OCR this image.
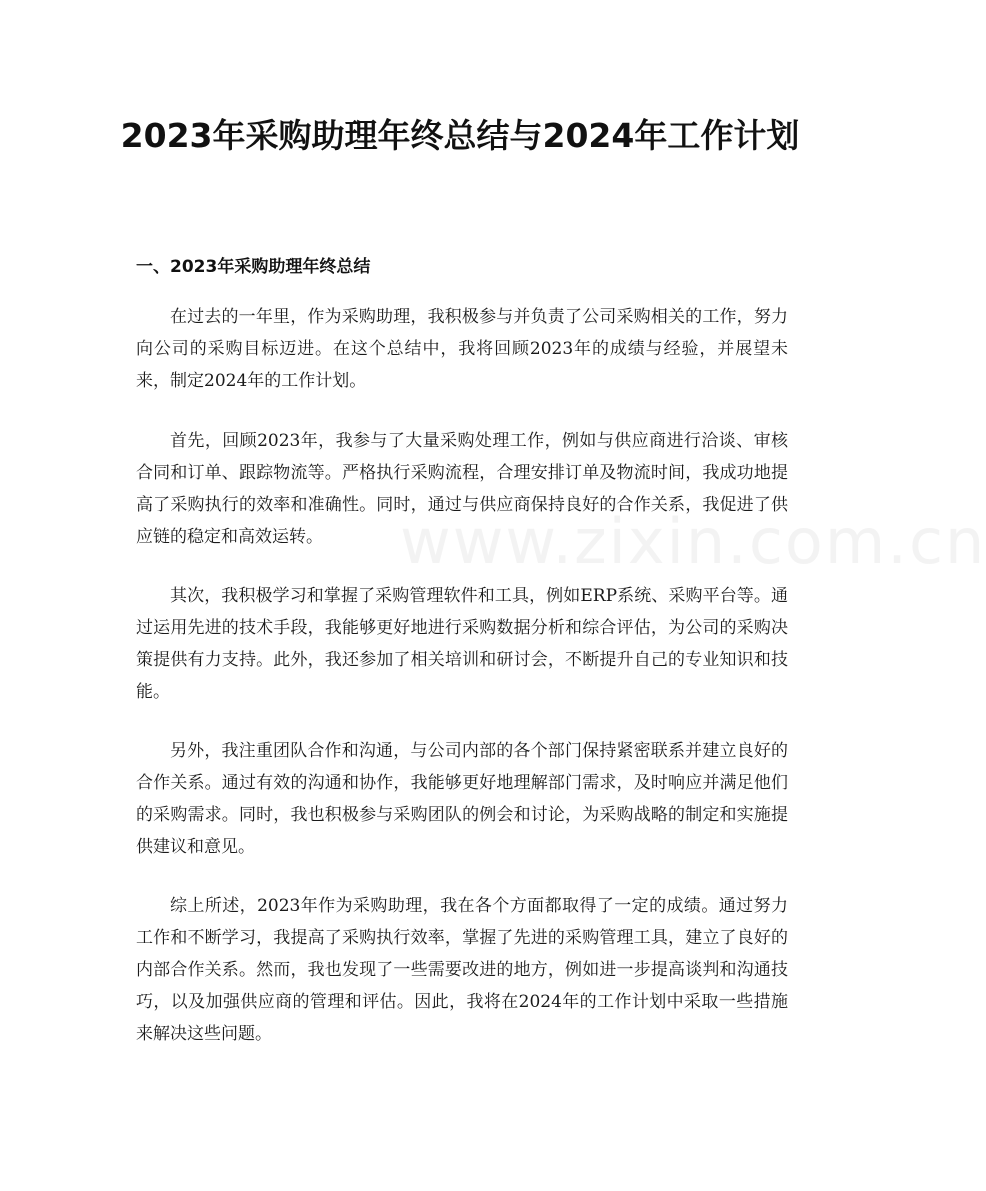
www.zixin.com.cn
2023年采购助理年终总结与2024年工作计划
一、2023年采购助理年终总结

在过去的一年里，作为采购助理，我积极参与并负责了公司采购相关的工作，努力向公司的采购目标迈进。在这个总结中，我将回顾2023年的成绩与经验，并展望未来，制定2024年的工作计划。

首先，回顾2023年，我参与了大量采购处理工作，例如与供应商进行洽谈、审核合同和订单、跟踪物流等。严格执行采购流程，合理安排订单及物流时间，我成功地提高了采购执行的效率和准确性。同时，通过与供应商保持良好的合作关系，我促进了供应链的稳定和高效运转。

其次，我积极学习和掌握了采购管理软件和工具，例如ERP系统、采购平台等。通过运用先进的技术手段，我能够更好地进行采购数据分析和综合评估，为公司的采购决策提供有力支持。此外，我还参加了相关培训和研讨会，不断提升自己的专业知识和技能。

另外，我注重团队合作和沟通，与公司内部的各个部门保持紧密联系并建立良好的合作关系。通过有效的沟通和协作，我能够更好地理解部门需求，及时响应并满足他们的采购需求。同时，我也积极参与采购团队的例会和讨论，为采购战略的制定和实施提供建议和意见。

综上所述，2023年作为采购助理，我在各个方面都取得了一定的成绩。通过努力工作和不断学习，我提高了采购执行效率，掌握了先进的采购管理工具，建立了良好的内部合作关系。然而，我也发现了一些需要改进的地方，例如进一步提高谈判和沟通技巧，以及加强供应商的管理和评估。因此，我将在2024年的工作计划中采取一些措施来解决这些问题。
